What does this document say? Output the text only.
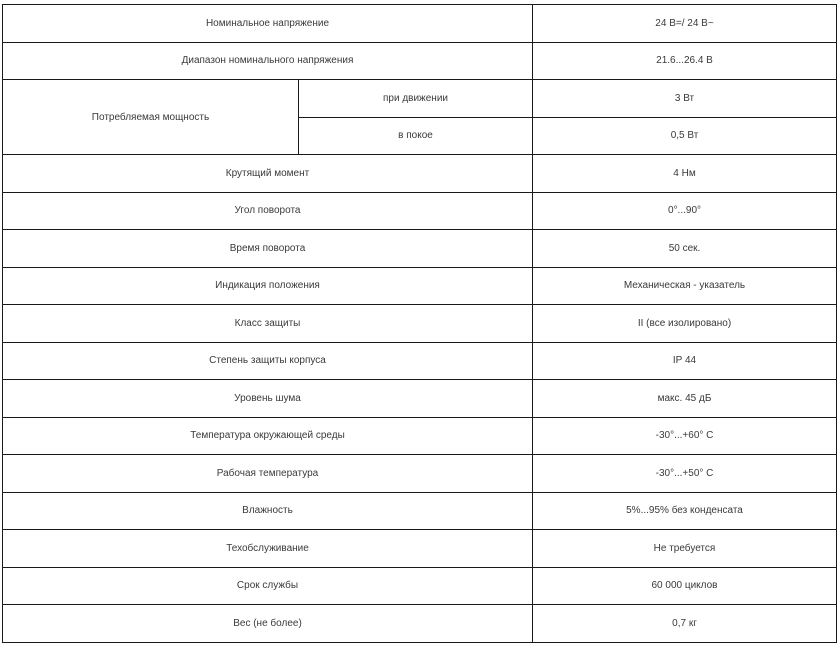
Номинальное напряжение		24 В=/ 24 В~
Диапазон номинального напряжения		21.6...26.4 В
Потребляемая мощность	при движении	3 Вт
	в покое	0,5 Вт
Крутящий момент		4 Нм
Угол поворота		0°...90°
Время поворота		50 сек.
Индикация положения		Механическая - указатель
Класс защиты		II (все изолировано)
Степень защиты корпуса		IP 44
Уровень шума		макс. 45 дБ
Температура окружающей среды		-30°...+60° С
Рабочая температура		-30°...+50° С
Влажность		5%...95% без конденсата
Техобслуживание		Не требуется
Срок службы		60 000 циклов
Вес (не более)		0,7 кг
